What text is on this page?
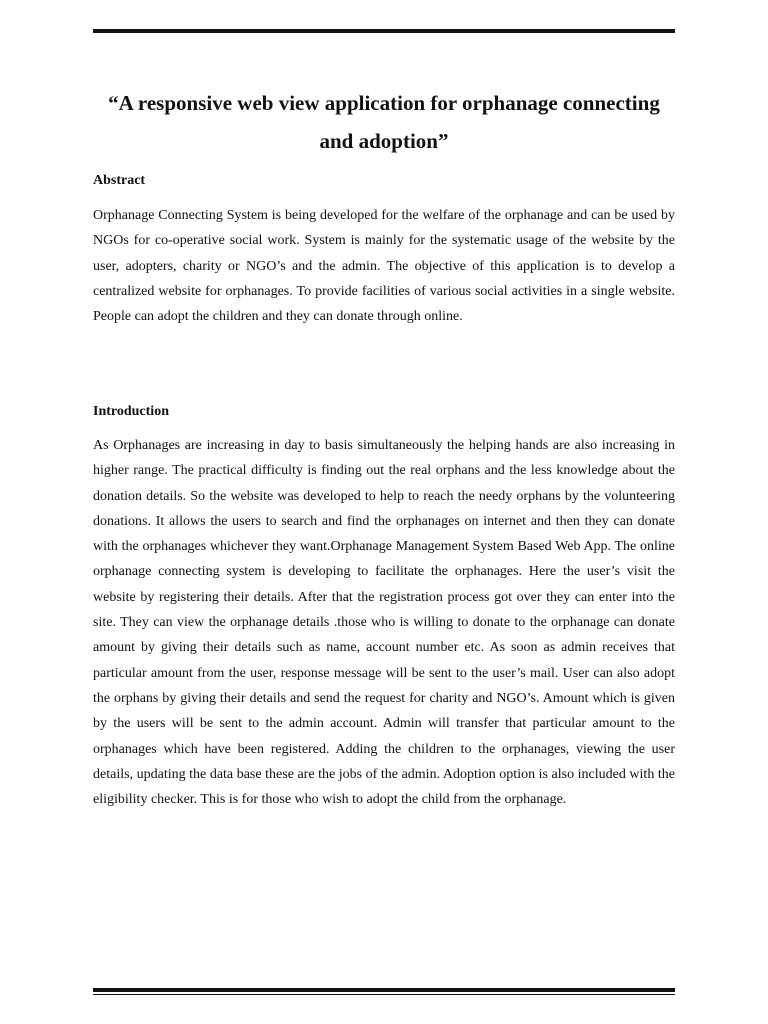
“A responsive web view application for orphanage connecting and adoption”
Abstract

Orphanage Connecting System is being developed for the welfare of the orphanage and can be used by NGOs for co-operative social work. System is mainly for the systematic usage of the website by the user, adopters, charity or NGO’s and the admin. The objective of this application is to develop a centralized website for orphanages. To provide facilities of various social activities in a single website. People can adopt the children and they can donate through online.

Introduction

As Orphanages are increasing in day to basis simultaneously the helping hands are also increasing in higher range. The practical difficulty is finding out the real orphans and the less knowledge about the donation details. So the website was developed to help to reach the needy orphans by the volunteering donations. It allows the users to search and find the orphanages on internet and then they can donate with the orphanages whichever they want.Orphanage Management System Based Web App. The online orphanage connecting system is developing to facilitate the orphanages. Here the user’s visit the website by registering their details. After that the registration process got over they can enter into the site. They can view the orphanage details .those who is willing to donate to the orphanage can donate amount by giving their details such as name, account number etc. As soon as admin receives that particular amount from the user, response message will be sent to the user’s mail. User can also adopt the orphans by giving their details and send the request for charity and NGO’s. Amount which is given by the users will be sent to the admin account. Admin will transfer that particular amount to the orphanages which have been registered. Adding the children to the orphanages, viewing the user details, updating the data base these are the jobs of the admin. Adoption option is also included with the eligibility checker. This is for those who wish to adopt the child from the orphanage.
